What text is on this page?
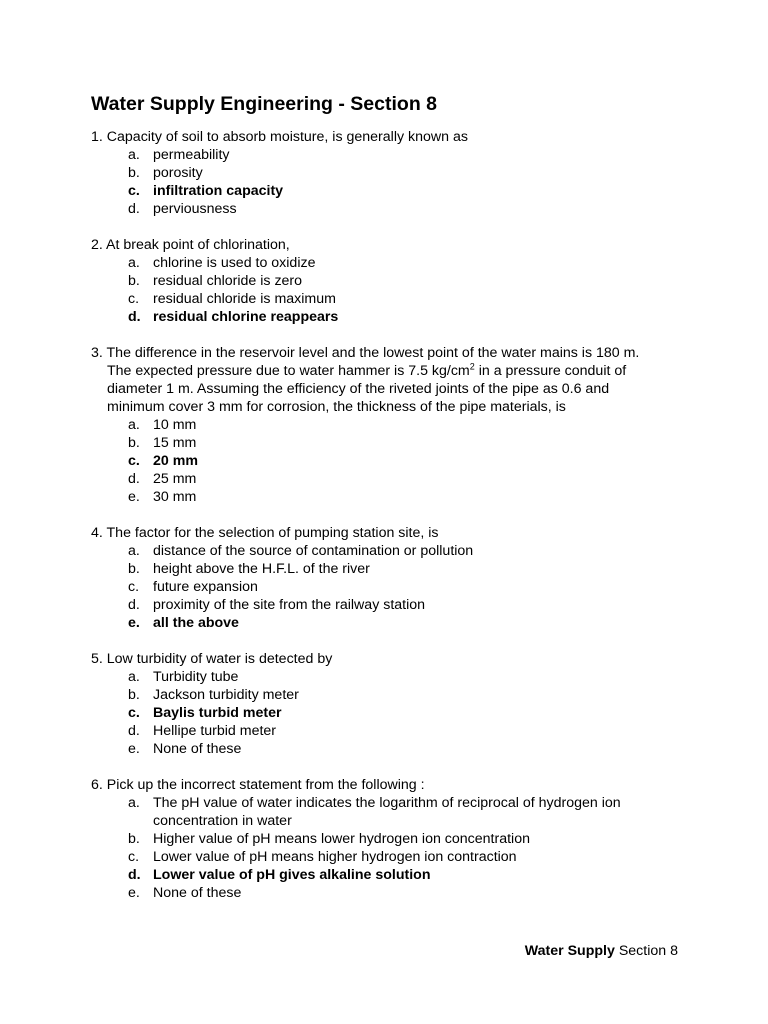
Water Supply Engineering - Section 8
1. Capacity of soil to absorb moisture, is generally known as
a. permeability
b. porosity
c. infiltration capacity
d. perviousness
2. At break point of chlorination,
a. chlorine is used to oxidize
b. residual chloride is zero
c. residual chloride is maximum
d. residual chlorine reappears
3. The difference in the reservoir level and the lowest point of the water mains is 180 m.
The expected pressure due to water hammer is 7.5 $kg/cm^2$ in a pressure conduit of
diameter 1 m. Assuming the efficiency of the riveted joints of the pipe as 0.6 and
minimum cover 3 mm for corrosion, the thickness of the pipe materials, is
a. 10 mm
b. 15 mm
c. 20 mm
d. 25 mm
e. 30 mm
4. The factor for the selection of pumping station site, is
a. distance of the source of contamination or pollution
b. height above the H.F.L. of the river
c. future expansion
d. proximity of the site from the railway station
e. all the above
5. Low turbidity of water is detected by
a. Turbidity tube
b. Jackson turbidity meter
c. Baylis turbid meter
d. Hellipe turbid meter
e. None of these
6. Pick up the incorrect statement from the following :
a. The pH value of water indicates the logarithm of reciprocal of hydrogen ion
concentration in water
b. Higher value of pH means lower hydrogen ion concentration
c. Lower value of pH means higher hydrogen ion contraction
d. Lower value of pH gives alkaline solution
e. None of these
Water Supply Section 8
